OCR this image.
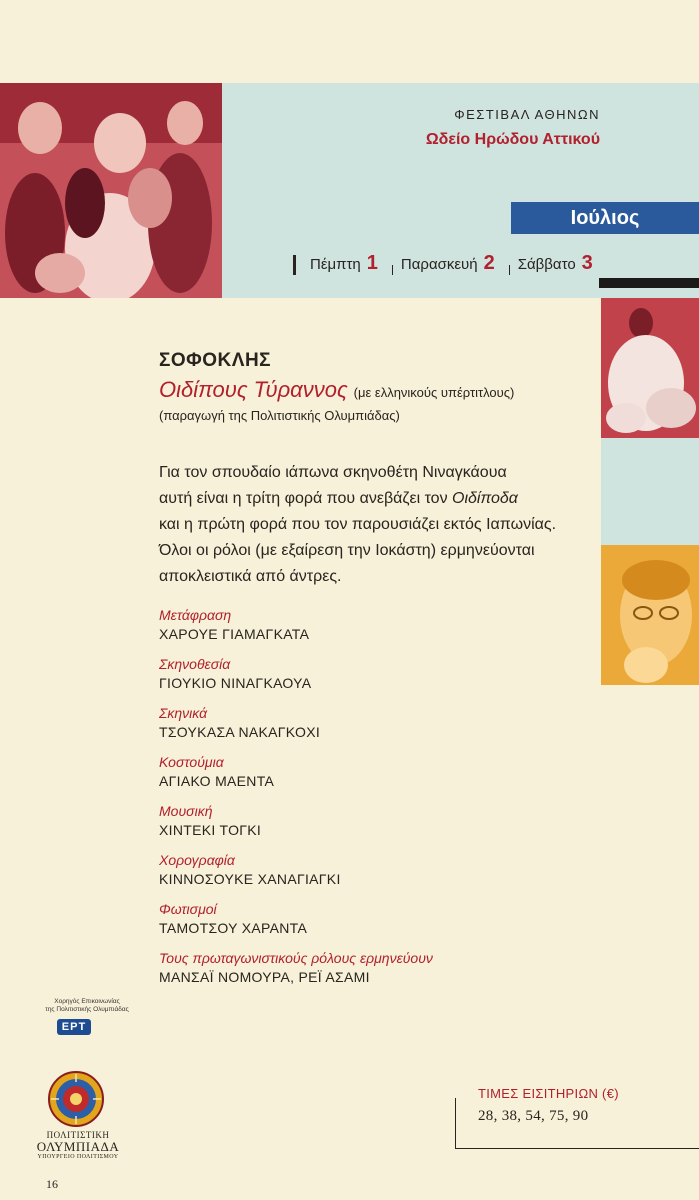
ΦΕΣΤΙΒΑΛ ΑΘΗΝΩΝ
Ωδείο Ηρώδου Αττικού
Ιούλιος
Πέμπτη 1 Παρασκευή 2 Σάββατο 3
ΣΟΦΟΚΛΗΣ
Οιδίπους Τύραννος (με ελληνικούς υπέρτιτλους)
(παραγωγή της Πολιτιστικής Ολυμπιάδας)

Για τον σπουδαίο ιάπωνα σκηνοθέτη Νιναγκάουα

αυτή είναι η τρίτη φορά που ανεβάζει τον Οιδίποδα

και η πρώτη φορά που τον παρουσιάζει εκτός Ιαπωνίας.

Όλοι οι ρόλοι (με εξαίρεση την Ιοκάστη) ερμηνεύονται

αποκλειστικά από άντρες.

Μετάφραση
ΧΑΡΟΥΕ ΓΙΑΜΑΓΚΑΤΑ
Σκηνοθεσία
ΓΙΟΥΚΙΟ ΝΙΝΑΓΚΑΟΥΑ
Σκηνικά
ΤΣΟΥΚΑΣΑ ΝΑΚΑΓΚΟΧΙ
Κοστούμια
ΑΓΙΑΚΟ ΜΑΕΝΤΑ
Μουσική
ΧΙΝΤΕΚΙ ΤΟΓΚΙ
Χορογραφία
ΚΙΝΝΟΣΟΥΚΕ ΧΑΝΑΓΙΑΓΚΙ
Φωτισμοί
ΤΑΜΟΤΣΟΥ ΧΑΡΑΝΤΑ
Τους πρωταγωνιστικούς ρόλους ερμηνεύουν
ΜΑΝΣΑΪ ΝΟΜΟΥΡΑ, ΡΕΪ ΑΣΑΜΙ
Χορηγός Επικοινωνίας
της Πολιτιστικής Ολυμπιάδας
ΕΡΤ
ΠΟΛΙΤΙΣΤΙΚΗ
ΟΛΥΜΠΙΑΔΑ
ΥΠΟΥΡΓΕΙΟ ΠΟΛΙΤΙΣΜΟΥ
16
ΤΙΜΕΣ ΕΙΣΙΤΗΡΙΩΝ (€)
28, 38, 54, 75, 90
